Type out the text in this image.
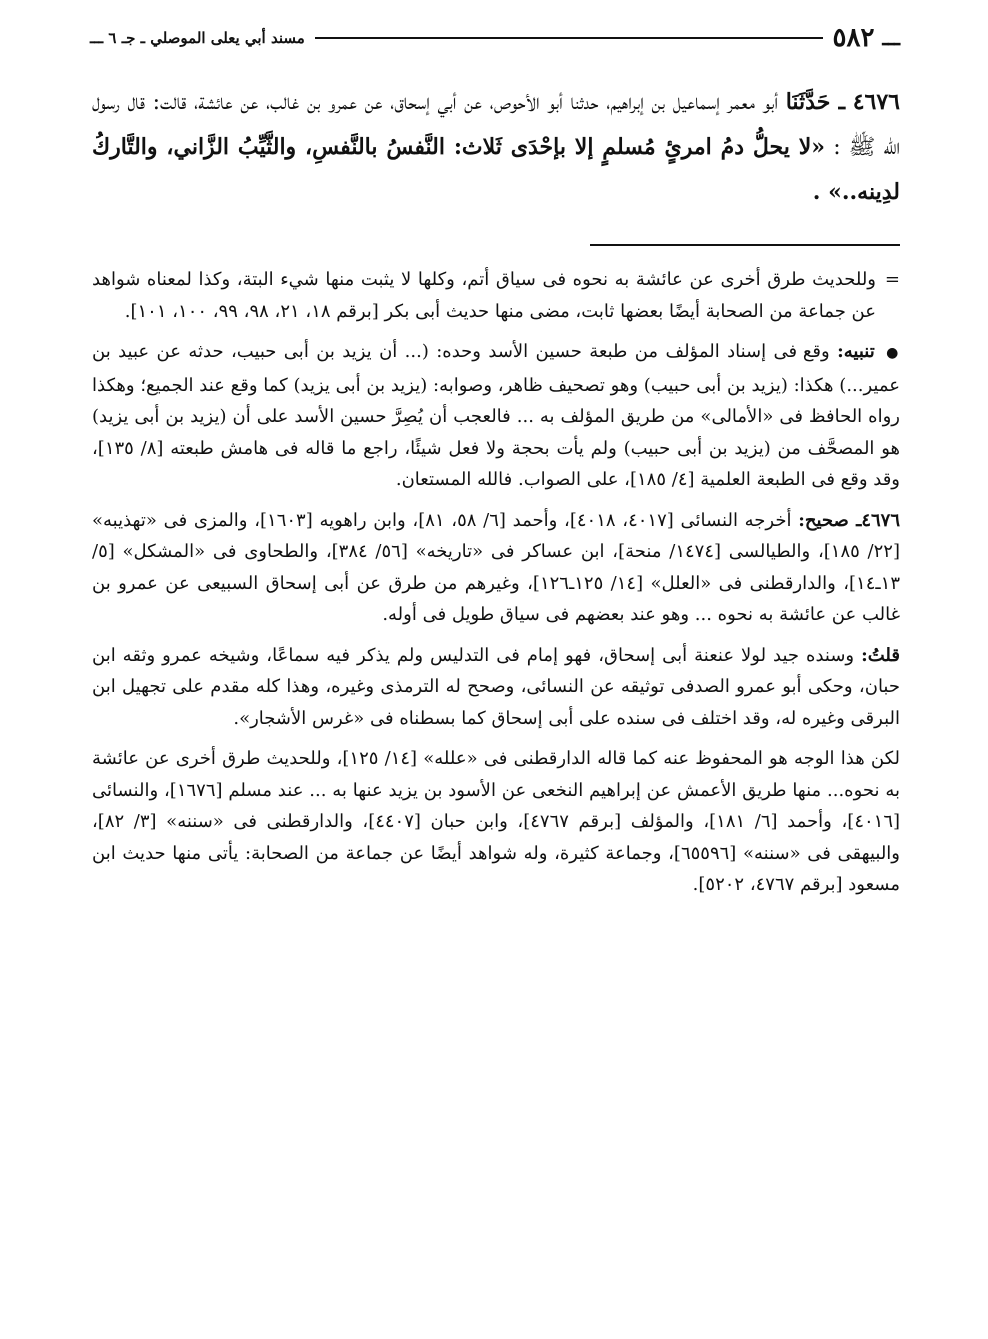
ـــ
٥٨٢
مسند أبي يعلى الموصلي ـ جـ ٦ ـــ
٤٦٧٦ ـ حَدَّثَنَا أبو معمر إسماعيل بن إبراهيم، حدثنا أبو الأحوص، عن أبي إسحاق، عن عمرو بن غالب، عن عائشة، قالت: قال رسول الله ﷺ : «لا يحلُّ دمُ امرئٍ مُسلمٍ إلا بإحْدَى ثَلاث: النَّفسُ بالنَّفسِ، والثَّيِّبُ الزَّاني، والتَّاركُ لدِينه..» .
=
وللحديث طرق أخرى عن عائشة به نحوه فى سياق أتم، وكلها لا يثبت منها شيء البتة، وكذا لمعناه شواهد عن جماعة من الصحابة أيضًا بعضها ثابت، مضى منها حديث أبى بكر [برقم ١٨، ٢١، ٩٨، ٩٩، ١٠٠، ١٠١].

● تنبيه: وقع فى إسناد المؤلف من طبعة حسين الأسد وحده: (... أن يزيد بن أبى حبيب، حدثه عن عبيد بن عمير...) هكذا: (يزيد بن أبى حبيب) وهو تصحيف ظاهر، وصوابه: (يزيد بن أبى يزيد) كما وقع عند الجميع؛ وهكذا رواه الحافظ فى «الأمالى» من طريق المؤلف به ... فالعجب أن يُصِرَّ حسين الأسد على أن (يزيد بن أبى يزيد) هو المصحَّف من (يزيد بن أبى حبيب) ولم يأت بحجة ولا فعل شيئًا، راجع ما قاله فى هامش طبعته [٨/ ١٣٥]، وقد وقع فى الطبعة العلمية [٤/ ١٨٥]، على الصواب. فالله المستعان.

٤٦٧٦ـ صحيح: أخرجه النسائى [٤٠١٧، ٤٠١٨]، وأحمد [٦/ ٥٨، ٨١]، وابن راهويه [١٦٠٣]، والمزى فى «تهذيبه» [٢٢/ ١٨٥]، والطيالسى [١٤٧٤/ منحة]، ابن عساكر فى «تاريخه» [٥٦/ ٣٨٤]، والطحاوى فى «المشكل» [٥/ ١٣ـ١٤]، والدارقطنى فى «العلل» [١٤/ ١٢٥ـ١٢٦]، وغيرهم من طرق عن أبى إسحاق السبيعى عن عمرو بن غالب عن عائشة به نحوه ... وهو عند بعضهم فى سياق طويل فى أوله.

قلتُ: وسنده جيد لولا عنعنة أبى إسحاق، فهو إمام فى التدليس ولم يذكر فيه سماعًا، وشيخه عمرو وثقه ابن حبان، وحكى أبو عمرو الصدفى توثيقه عن النسائى، وصحح له الترمذى وغيره، وهذا كله مقدم على تجهيل ابن البرقى وغيره له، وقد اختلف فى سنده على أبى إسحاق كما بسطناه فى «غرس الأشجار».

لكن هذا الوجه هو المحفوظ عنه كما قاله الدارقطنى فى «علله» [١٤/ ١٢٥]، وللحديث طرق أخرى عن عائشة به نحوه... منها طريق الأعمش عن إبراهيم النخعى عن الأسود بن يزيد عنها به ... عند مسلم [١٦٧٦]، والنسائى [٤٠١٦]، وأحمد [٦/ ١٨١]، والمؤلف [برقم ٤٧٦٧]، وابن حبان [٤٤٠٧]، والدارقطنى فى «سننه» [٣/ ٨٢]، والبيهقى فى «سننه» [٦٥٥٩٦]، وجماعة كثيرة، وله شواهد أيضًا عن جماعة من الصحابة: يأتى منها حديث ابن مسعود [برقم ٤٧٦٧، ٥٢٠٢].
